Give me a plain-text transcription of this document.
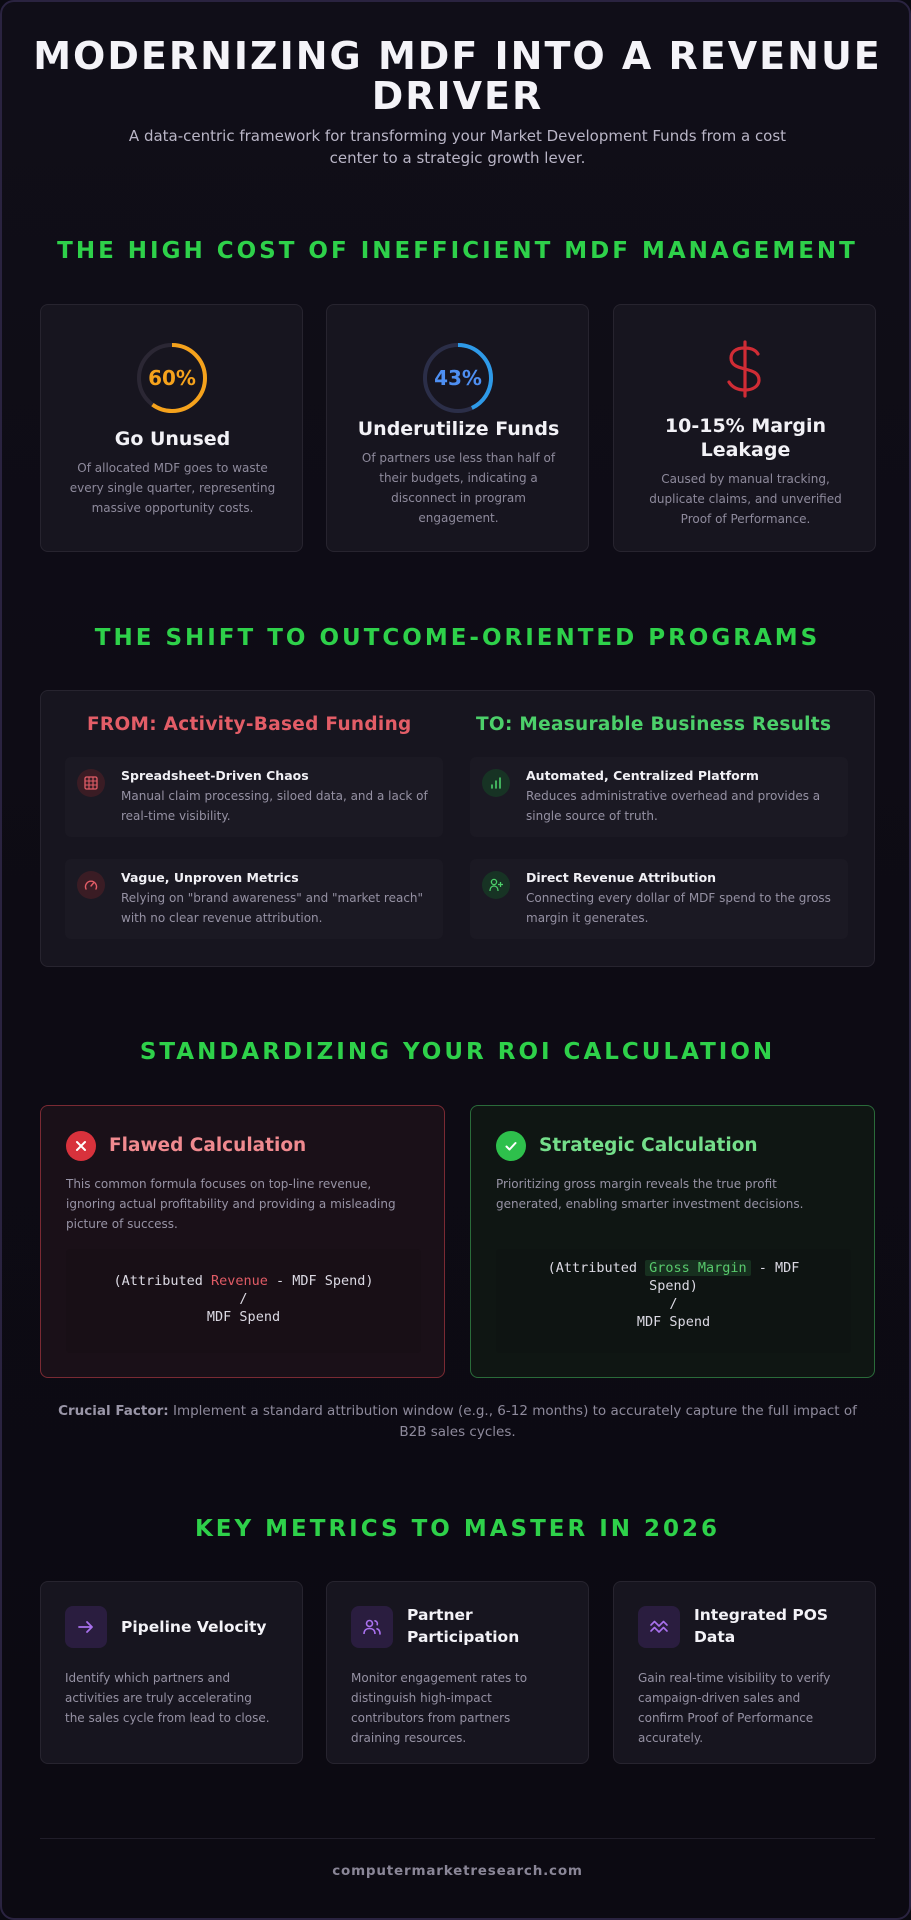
MODERNIZING MDF INTO A REVENUE
DRIVER
A data-centric framework for transforming your Market Development Funds from a cost
center to a strategic growth lever.
THE HIGH COST OF INEFFICIENT MDF MANAGEMENT
60%
Go Unused
Of allocated MDF goes to waste
every single quarter, representing
massive opportunity costs.
43%
Underutilize Funds
Of partners use less than half of
their budgets, indicating a
disconnect in program
engagement.
10-15% Margin
Leakage
Caused by manual tracking,
duplicate claims, and unverified
Proof of Performance.
THE SHIFT TO OUTCOME-ORIENTED PROGRAMS
FROM: Activity-Based Funding	TO: Measurable Business Results
Spreadsheet-Driven Chaos
Manual claim processing, siloed data, and a lack of
real-time visibility.
Vague, Unproven Metrics
Relying on "brand awareness" and "market reach"
with no clear revenue attribution.
Automated, Centralized Platform
Reduces administrative overhead and provides a
single source of truth.
Direct Revenue Attribution
Connecting every dollar of MDF spend to the gross
margin it generates.
STANDARDIZING YOUR ROI CALCULATION
Flawed Calculation
This common formula focuses on top-line revenue,
ignoring actual profitability and providing a misleading
picture of success.
(Attributed Revenue - MDF Spend)
/
MDF Spend
Strategic Calculation
Prioritizing gross margin reveals the true profit
generated, enabling smarter investment decisions.
(Attributed Gross Margin - MDF
Spend)
/
MDF Spend
Crucial Factor: Implement a standard attribution window (e.g., 6-12 months) to accurately capture the full impact of
B2B sales cycles.
KEY METRICS TO MASTER IN 2026
Pipeline Velocity
Identify which partners and
activities are truly accelerating
the sales cycle from lead to close.
Partner
Participation
Monitor engagement rates to
distinguish high-impact
contributors from partners
draining resources.
Integrated POS
Data
Gain real-time visibility to verify
campaign-driven sales and
confirm Proof of Performance
accurately.
computermarketresearch.com
